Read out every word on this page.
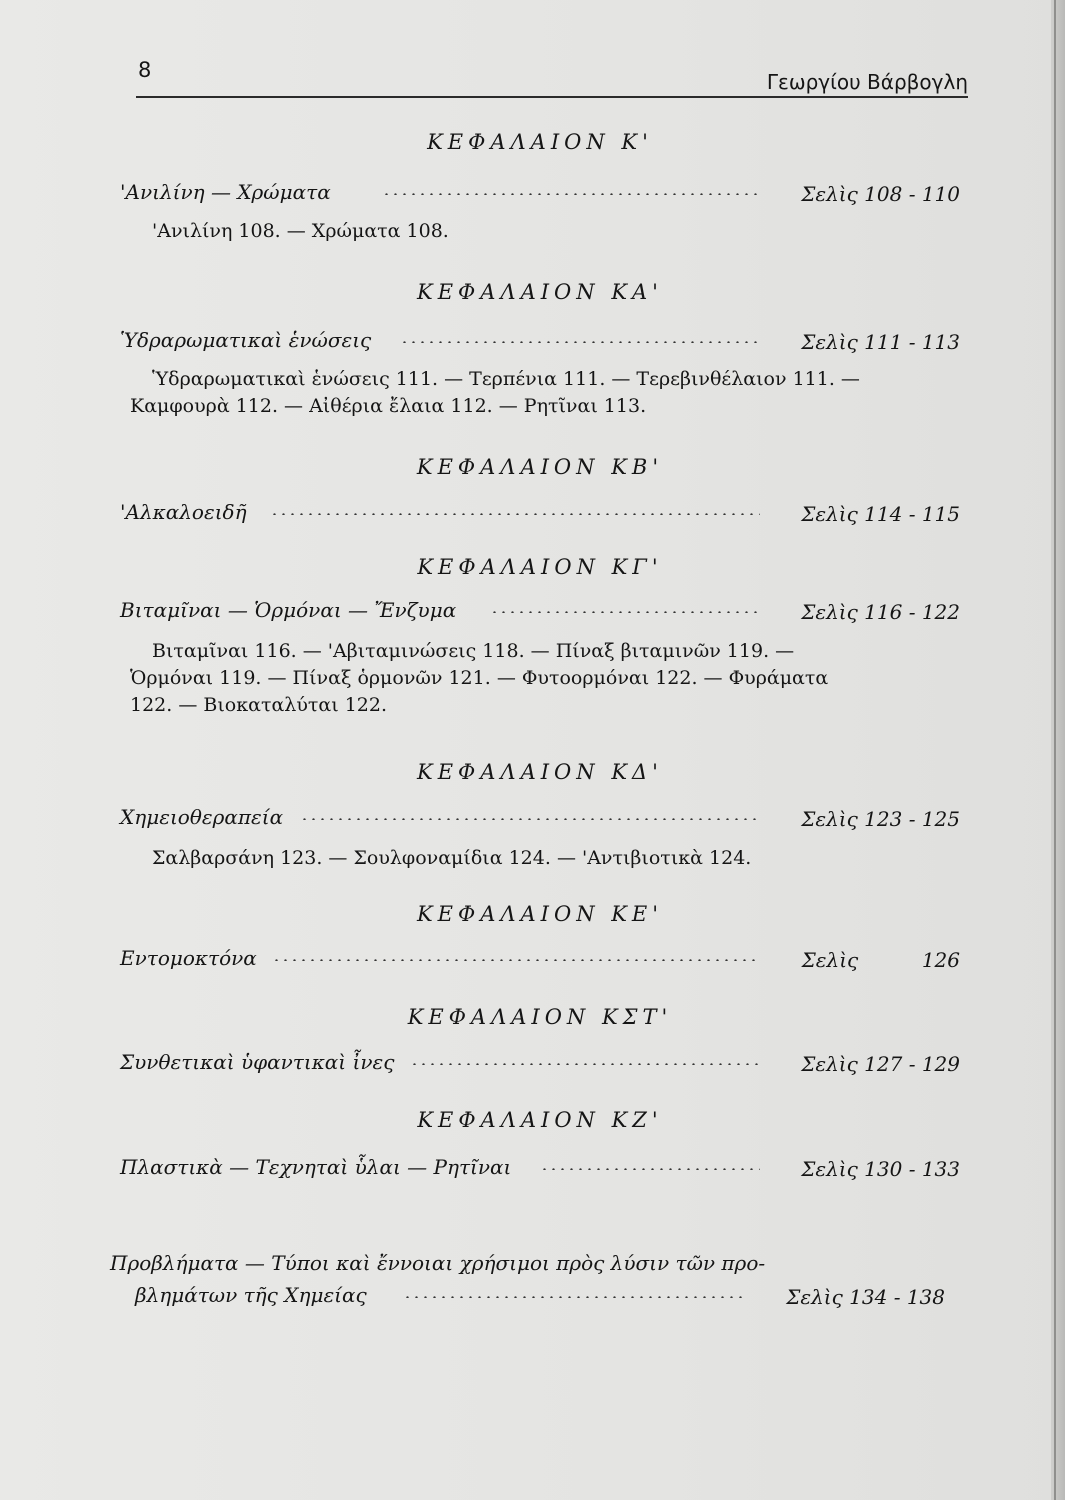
8	Γεωργίου Βάρβογλη
ΚΕΦΑΛΑΙΟΝ Κ'
'Ανιλίνη — Χρώματα	Σελὶς 108 - 110
'Ανιλίνη 108. — Χρώματα 108.
ΚΕΦΑΛΑΙΟΝ ΚΑ'
Ὑδραρωματικαὶ ἑνώσεις	Σελὶς 111 - 113
Ὑδραρωματικαὶ ἑνώσεις 111. — Τερπένια 111. — Τερεβινθέλαιον 111. — Καμφουρὰ 112. — Αἰθέρια ἔλαια 112. — Ρητῖναι 113.
ΚΕΦΑΛΑΙΟΝ ΚΒ'
'Αλκαλοειδῆ	Σελὶς 114 - 115
ΚΕΦΑΛΑΙΟΝ ΚΓ'
Βιταμῖναι — Ὁρμόναι — Ἔνζυμα	Σελὶς 116 - 122
Βιταμῖναι 116. — 'Αβιταμινώσεις 118. — Πίναξ βιταμινῶν 119. — Ὁρμόναι 119. — Πίναξ ὁρμονῶν 121. — Φυτοορμόναι 122. — Φυράματα 122. — Βιοκαταλύται 122.
ΚΕΦΑΛΑΙΟΝ ΚΔ'
Χημειοθεραπεία	Σελὶς 123 - 125
Σαλβαρσάνη 123. — Σουλφοναμίδια 124. — 'Αντιβιοτικὰ 124.
ΚΕΦΑΛΑΙΟΝ ΚΕ'
Εντομοκτόνα	Σελὶς          126
ΚΕΦΑΛΑΙΟΝ ΚΣΤ'
Συνθετικαὶ ὑφαντικαὶ ἶνες	Σελὶς 127 - 129
ΚΕΦΑΛΑΙΟΝ ΚΖ'
Πλαστικὰ — Τεχνηταὶ ὗλαι — Ρητῖναι	Σελὶς 130 - 133
Προβλήματα — Τύποι καὶ ἔννοιαι χρήσιμοι πρὸς λύσιν τῶν προ-
βλημάτων τῆς Χημείας	Σελὶς 134 - 138
